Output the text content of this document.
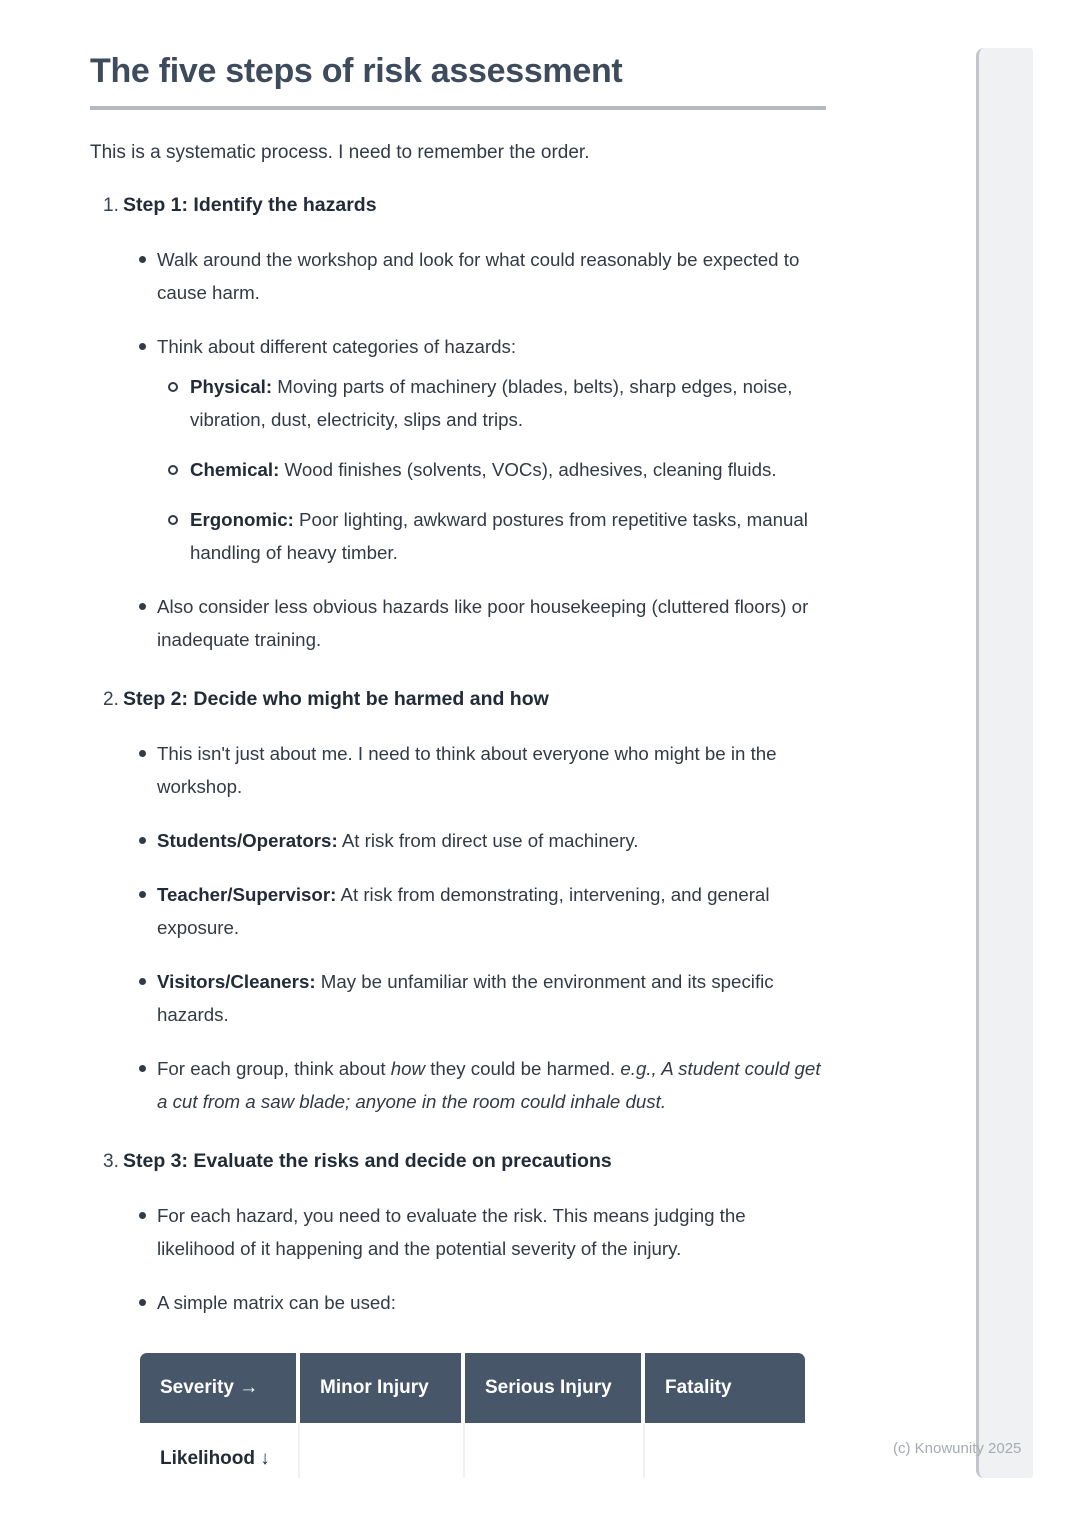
The five steps of risk assessment

This is a systematic process. I need to remember the order.

1. Step 1: Identify the hazards
Walk around the workshop and look for what could reasonably be expected to cause harm.
Think about different categories of hazards:
Physical: Moving parts of machinery (blades, belts), sharp edges, noise, vibration, dust, electricity, slips and trips.
Chemical: Wood finishes (solvents, VOCs), adhesives, cleaning fluids.
Ergonomic: Poor lighting, awkward postures from repetitive tasks, manual handling of heavy timber.
Also consider less obvious hazards like poor housekeeping (cluttered floors) or inadequate training.
2. Step 2: Decide who might be harmed and how
This isn't just about me. I need to think about everyone who might be in the workshop.
Students/Operators: At risk from direct use of machinery.
Teacher/Supervisor: At risk from demonstrating, intervening, and general exposure.
Visitors/Cleaners: May be unfamiliar with the environment and its specific hazards.
For each group, think about how they could be harmed. e.g., A student could get a cut from a saw blade; anyone in the room could inhale dust.
3. Step 3: Evaluate the risks and decide on precautions
For each hazard, you need to evaluate the risk. This means judging the likelihood of it happening and the potential severity of the injury.
A simple matrix can be used:
Severity →	Minor Injury	Serious Injury	Fatality
Likelihood ↓			
				(c) Knowunity 2025
